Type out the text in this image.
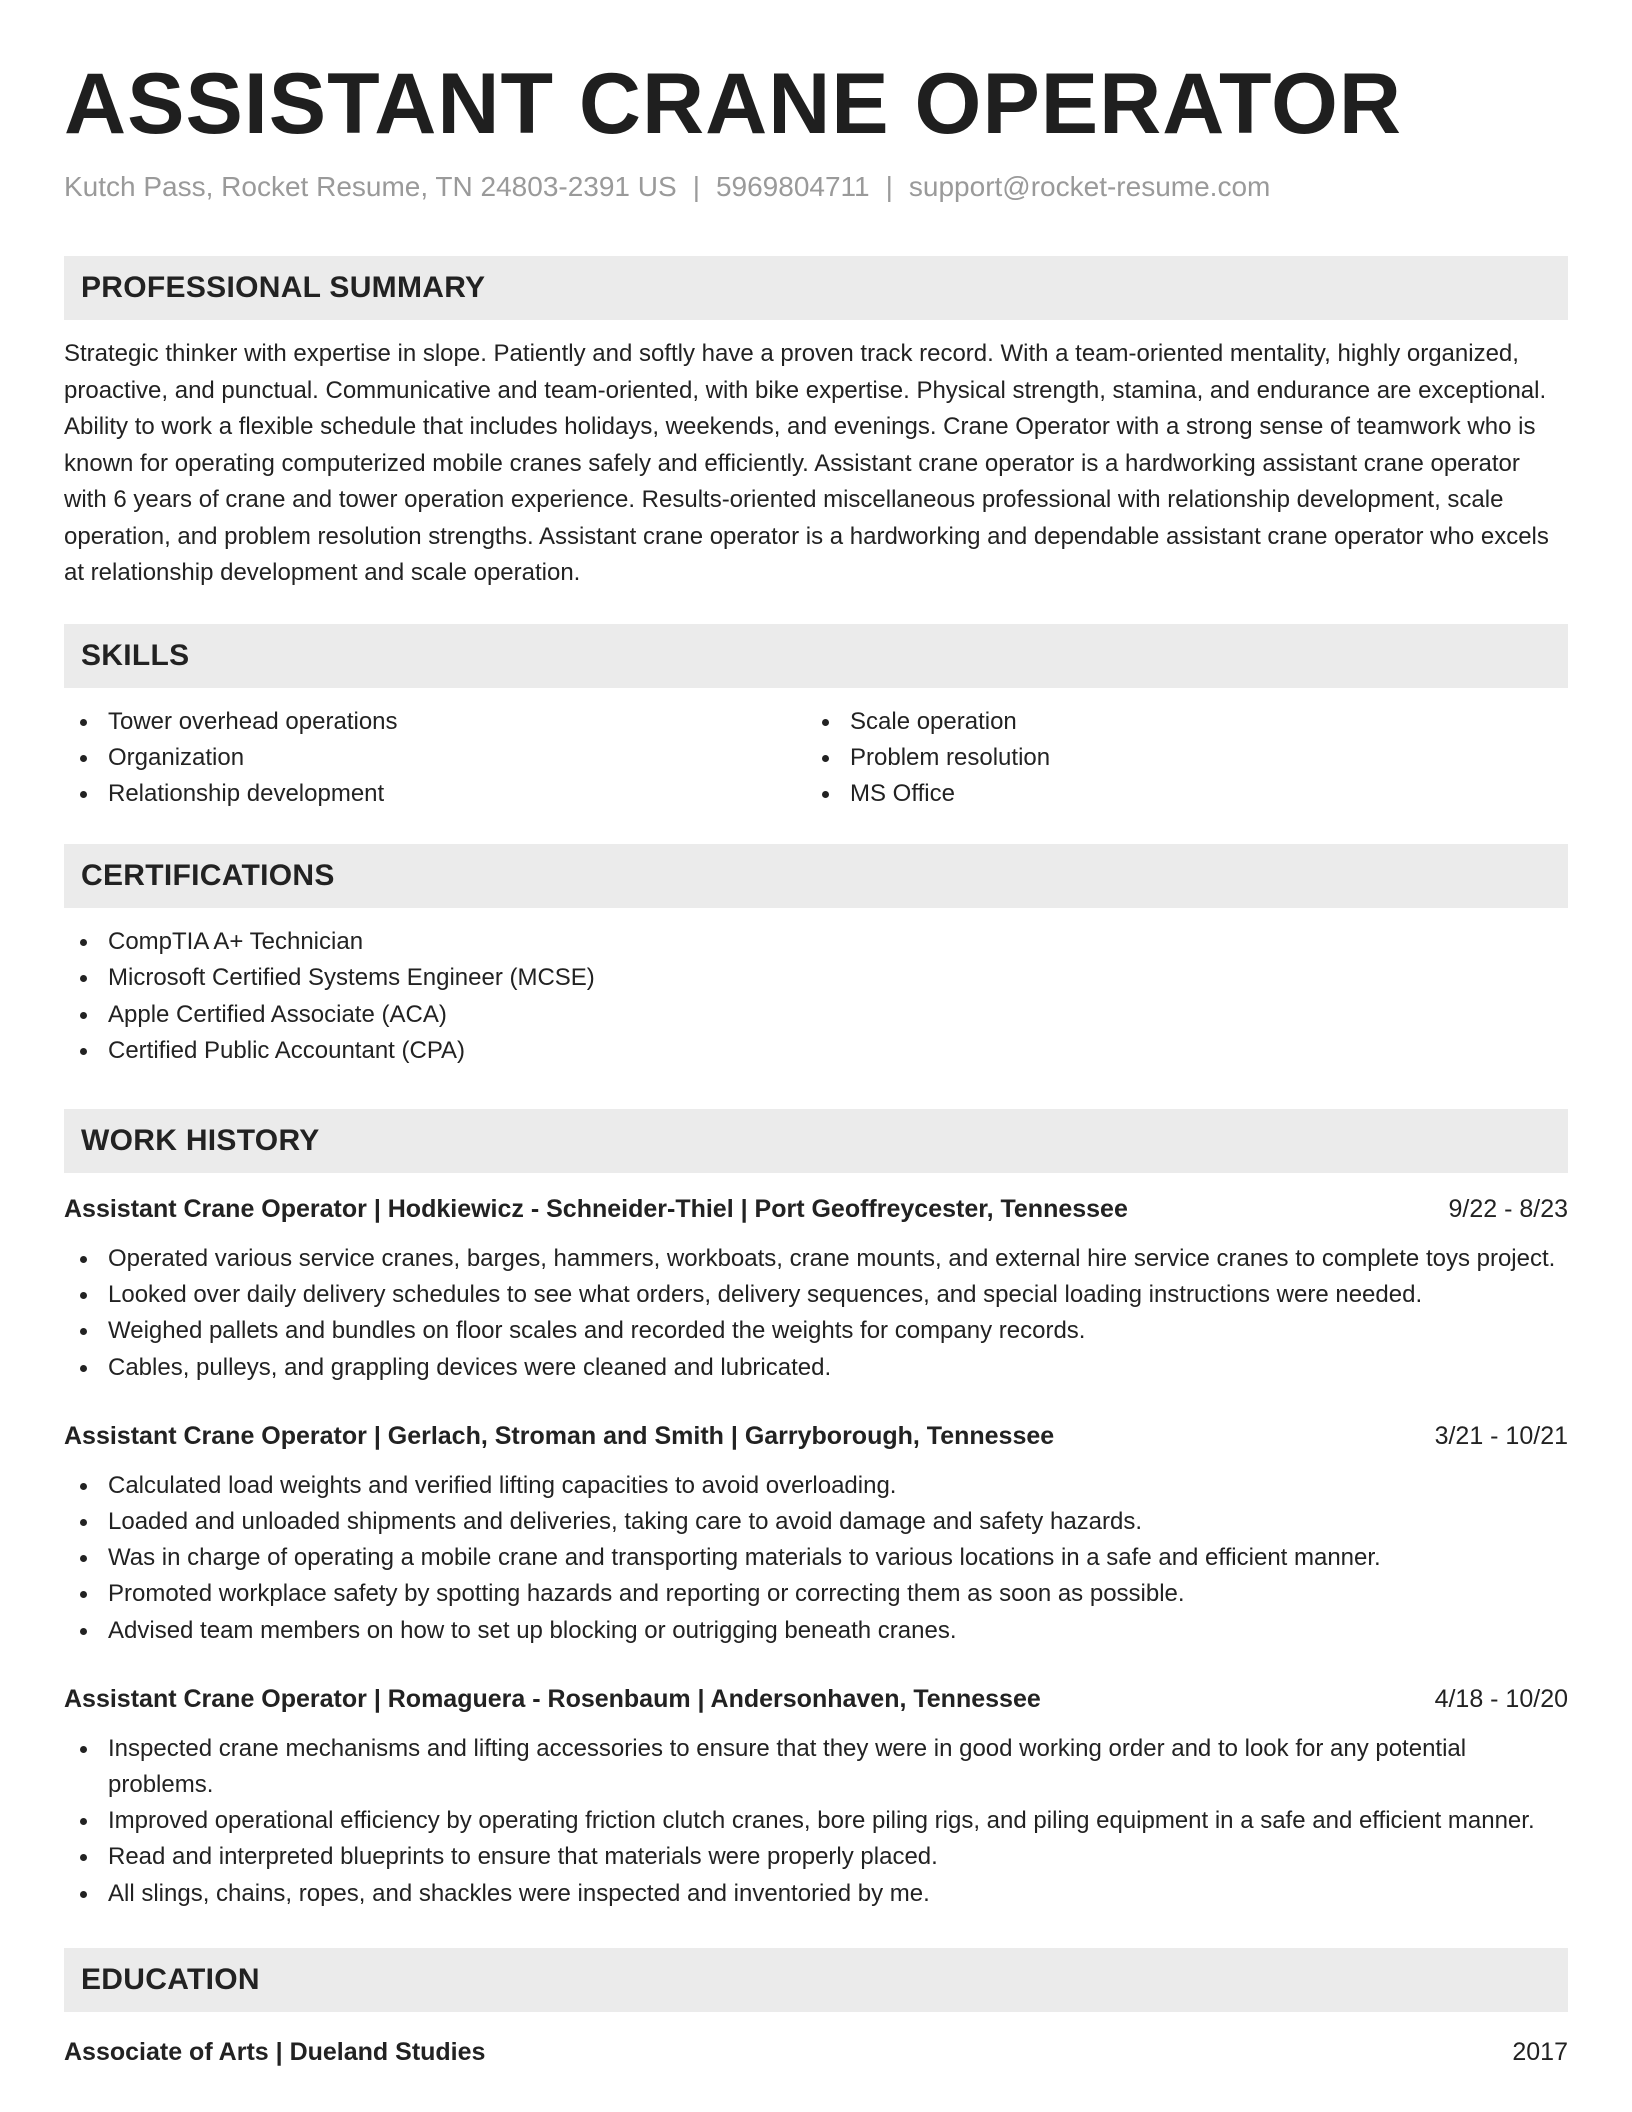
ASSISTANT CRANE OPERATOR
Kutch Pass, Rocket Resume, TN 24803-2391 US | 5969804711 | support@rocket-resume.com
PROFESSIONAL SUMMARY

Strategic thinker with expertise in slope. Patiently and softly have a proven track record. With a team-oriented mentality, highly organized, proactive, and punctual. Communicative and team-oriented, with bike expertise. Physical strength, stamina, and endurance are exceptional. Ability to work a flexible schedule that includes holidays, weekends, and evenings. Crane Operator with a strong sense of teamwork who is known for operating computerized mobile cranes safely and efficiently. Assistant crane operator is a hardworking assistant crane operator with 6 years of crane and tower operation experience. Results-oriented miscellaneous professional with relationship development, scale operation, and problem resolution strengths. Assistant crane operator is a hardworking and dependable assistant crane operator who excels at relationship development and scale operation.

SKILLS
Tower overhead operations
Organization
Relationship development
Scale operation
Problem resolution
MS Office
CERTIFICATIONS
CompTIA A+ Technician
Microsoft Certified Systems Engineer (MCSE)
Apple Certified Associate (ACA)
Certified Public Accountant (CPA)
WORK HISTORY
Assistant Crane Operator | Hodkiewicz - Schneider-Thiel | Port Geoffreycester, Tennessee	9/22 - 8/23
Operated various service cranes, barges, hammers, workboats, crane mounts, and external hire service cranes to complete toys project.
Looked over daily delivery schedules to see what orders, delivery sequences, and special loading instructions were needed.
Weighed pallets and bundles on floor scales and recorded the weights for company records.
Cables, pulleys, and grappling devices were cleaned and lubricated.
Assistant Crane Operator | Gerlach, Stroman and Smith | Garryborough, Tennessee	3/21 - 10/21
Calculated load weights and verified lifting capacities to avoid overloading.
Loaded and unloaded shipments and deliveries, taking care to avoid damage and safety hazards.
Was in charge of operating a mobile crane and transporting materials to various locations in a safe and efficient manner.
Promoted workplace safety by spotting hazards and reporting or correcting them as soon as possible.
Advised team members on how to set up blocking or outrigging beneath cranes.
Assistant Crane Operator | Romaguera - Rosenbaum | Andersonhaven, Tennessee	4/18 - 10/20
Inspected crane mechanisms and lifting accessories to ensure that they were in good working order and to look for any potential problems.
Improved operational efficiency by operating friction clutch cranes, bore piling rigs, and piling equipment in a safe and efficient manner.
Read and interpreted blueprints to ensure that materials were properly placed.
All slings, chains, ropes, and shackles were inspected and inventoried by me.
EDUCATION
Associate of Arts | Dueland Studies	2017
